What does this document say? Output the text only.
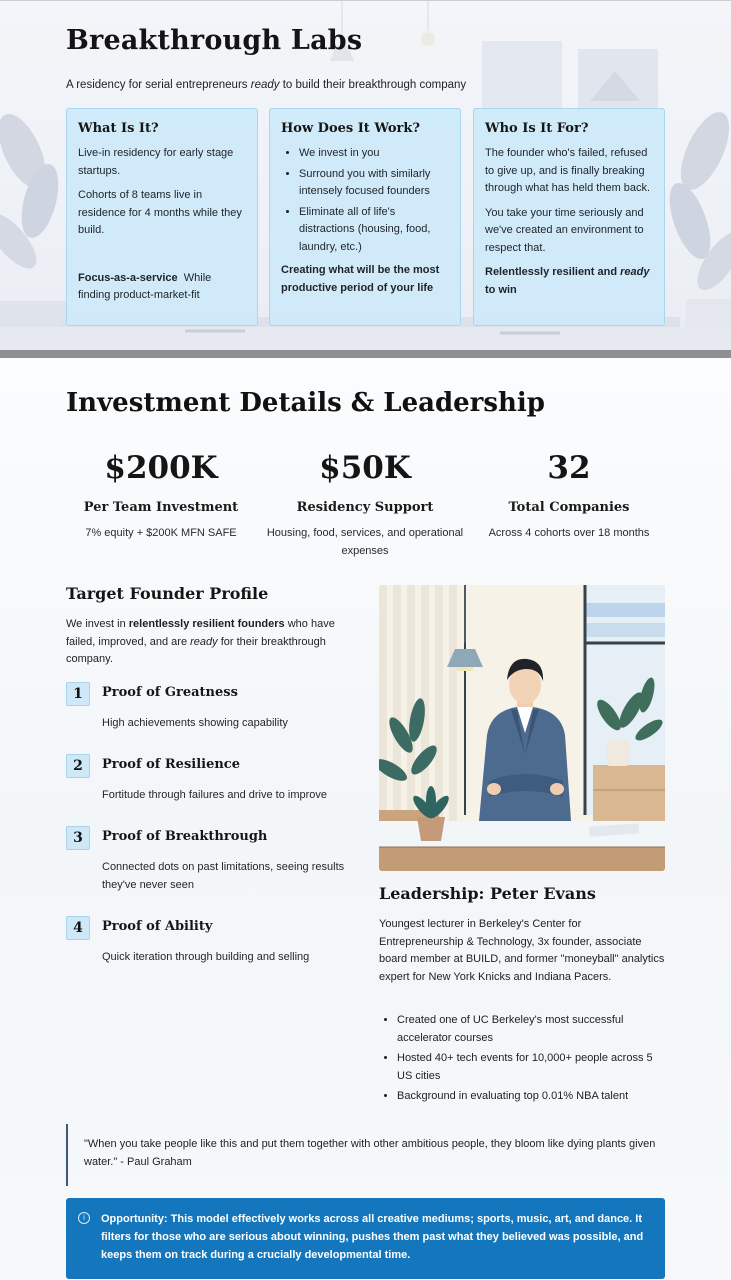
Breakthrough Labs

A residency for serial entrepreneurs ready to build their breakthrough company

What Is It?

Live-in residency for early stage startups.

Cohorts of 8 teams live in residence for 4 months while they build.

Focus-as-a-service While finding product-market-fit

How Does It Work?
• We invest in you
• Surround you with similarly intensely focused founders
• Eliminate all of life's distractions (housing, food, laundry, etc.)

Creating what will be the most productive period of your life

Who Is It For?

The founder who's failed, refused to give up, and is finally breaking through what has held them back.

You take your time seriously and we've created an environment to respect that.

Relentlessly resilient and ready to win

Investment Details & Leadership
$200K
Per Team Investment
7% equity + $200K MFN SAFE
$50K
Residency Support
Housing, food, services, and operational expenses
32
Total Companies
Across 4 cohorts over 18 months
Target Founder Profile

We invest in relentlessly resilient founders who have failed, improved, and are ready for their breakthrough company.

1	Proof of Greatness
High achievements showing capability
2	Proof of Resilience
Fortitude through failures and drive to improve
3	Proof of Breakthrough
Connected dots on past limitations, seeing results they've never seen
4	Proof of Ability
Quick iteration through building and selling
Leadership: Peter Evans

Youngest lecturer in Berkeley's Center for Entrepreneurship & Technology, 3x founder, associate board member at BUILD, and former "moneyball" analytics expert for New York Knicks and Indiana Pacers.

• Created one of UC Berkeley's most successful accelerator courses
• Hosted 40+ tech events for 10,000+ people across 5 US cities
• Background in evaluating top 0.01% NBA talent
"When you take people like this and put them together with other ambitious people, they bloom like dying plants given water." - Paul Graham
i	Opportunity: This model effectively works across all creative mediums; sports, music, art, and dance. It filters for those who are serious about winning, pushes them past what they believed was possible, and keeps them on track during a crucially developmental time.
